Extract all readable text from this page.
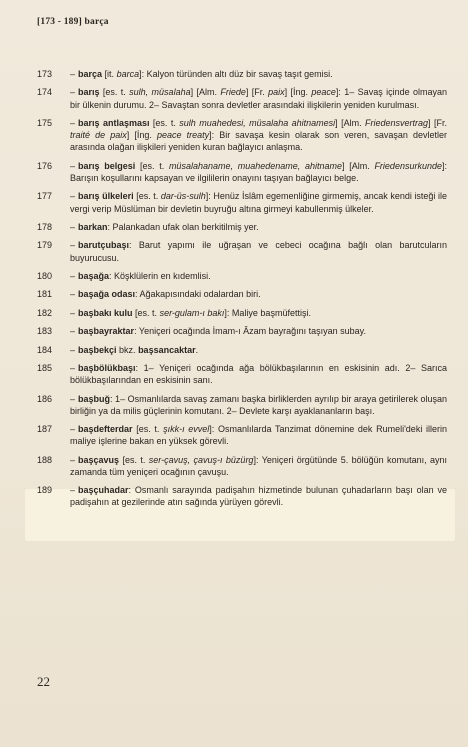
[173 - 189] barça
173	– barça [it. barca]: Kalyon türünden altı düz bir savaş taşıt gemisi.
174	– barış [es. t. sulh, müsalaha] [Alm. Friede] [Fr. paix] [İng. peace]: 1– Savaş içinde olmayan bir ülkenin durumu. 2– Savaştan sonra devletler arasındaki ilişkilerin yeniden kurulması.
175	– barış antlaşması [es. t. sulh muahedesi, müsalaha ahitnamesi] [Alm. Friedensvertrag] [Fr. traité de paix] [İng. peace treaty]: Bir savaşa kesin olarak son veren, savaşan devletler arasında olağan ilişkileri yeniden kuran bağlayıcı anlaşma.
176	– barış belgesi [es. t. müsalahaname, muahedename, ahitname] [Alm. Friedensurkunde]: Barışın koşullarını kapsayan ve ilgililerin onayını taşıyan bağlayıcı belge.
177	– barış ülkeleri [es. t. dar-üs-sulh]: Henüz İslâm egemenliğine girmemiş, ancak kendi isteği ile vergi verip Müslüman bir devletin buyruğu altına girmeyi kabullenmiş ülkeler.
178	– barkan: Palankadan ufak olan berkitilmiş yer.
179	– barutçubaşı: Barut yapımı ile uğraşan ve cebeci ocağına bağlı olan barutcuların buyurucusu.
180	– başağa: Köşklülerin en kıdemlisi.
181	– başağa odası: Ağakapısındaki odalardan biri.
182	– başbakı kulu [es. t. ser-gulam-ı bakı]: Maliye başmüfettişi.
183	– başbayraktar: Yeniçeri ocağında İmam-ı Âzam bayrağını taşıyan subay.
184	– başbekçi bkz. başsancaktar.
185	– başbölükbaşı: 1– Yeniçeri ocağında ağa bölükbaşılarının en eskisinin adı. 2– Sarıca bölükbaşılarından en eskisinin sanı.
186	– başbuğ: 1– Osmanlılarda savaş zamanı başka birliklerden ayrılıp bir araya getirilerek oluşan birliğin ya da milis güçlerinin komutanı. 2– Devlete karşı ayaklananların başı.
187	– başdefterdar [es. t. şıkk-ı evvel]: Osmanlılarda Tanzimat dönemine dek Rumeli'deki illerin maliye işlerine bakan en yüksek görevli.
188	– başçavuş [es. t. ser-çavuş, çavuş-ı büzürg]: Yeniçeri örgütünde 5. bölüğün komutanı, aynı zamanda tüm yeniçeri ocağının çavuşu.
189	– başçuhadar: Osmanlı sarayında padişahın hizmetinde bulunan çuhadarların başı olan ve padişahın at gezilerinde atın sağında yürüyen görevli.
22
